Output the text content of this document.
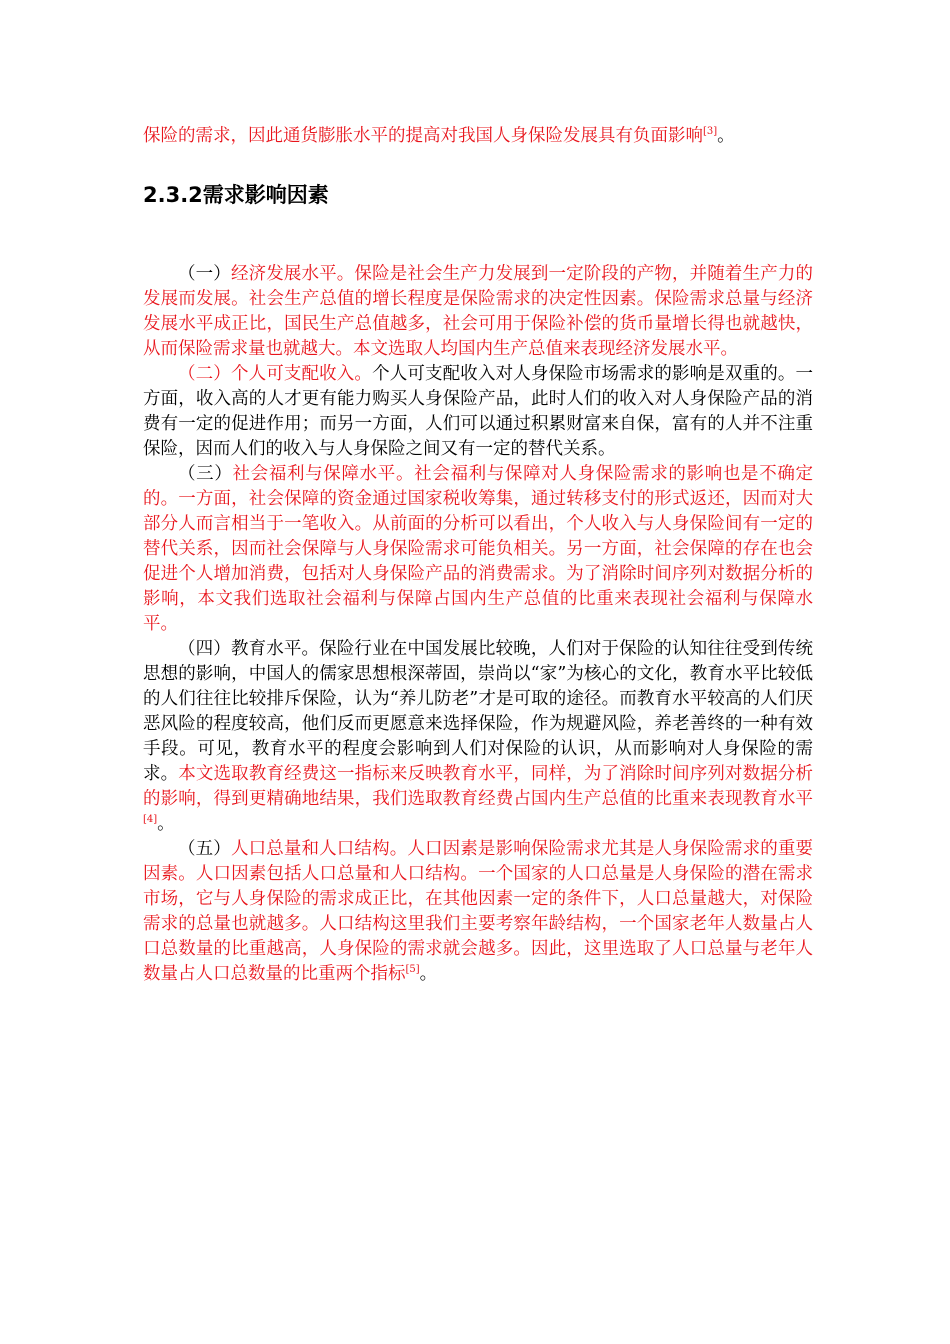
保险的需求，因此通货膨胀水平的提高对我国人身保险发展具有负面影响[3]。
2.3.2需求影响因素

（一）经济发展水平。保险是社会生产力发展到一定阶段的产物，并随着生产力的发展而发展。社会生产总值的增长程度是保险需求的决定性因素。保险需求总量与经济发展水平成正比，国民生产总值越多，社会可用于保险补偿的货币量增长得也就越快，从而保险需求量也就越大。本文选取人均国内生产总值来表现经济发展水平。

（二）个人可支配收入。个人可支配收入对人身保险市场需求的影响是双重的。一方面，收入高的人才更有能力购买人身保险产品，此时人们的收入对人身保险产品的消费有一定的促进作用；而另一方面，人们可以通过积累财富来自保，富有的人并不注重保险，因而人们的收入与人身保险之间又有一定的替代关系。

（三）社会福利与保障水平。社会福利与保障对人身保险需求的影响也是不确定的。一方面，社会保障的资金通过国家税收筹集，通过转移支付的形式返还，因而对大部分人而言相当于一笔收入。从前面的分析可以看出，个人收入与人身保险间有一定的替代关系，因而社会保障与人身保险需求可能负相关。另一方面，社会保障的存在也会促进个人增加消费，包括对人身保险产品的消费需求。为了消除时间序列对数据分析的影响，本文我们选取社会福利与保障占国内生产总值的比重来表现社会福利与保障水平。

（四）教育水平。保险行业在中国发展比较晚，人们对于保险的认知往往受到传统思想的影响，中国人的儒家思想根深蒂固，崇尚以“家”为核心的文化，教育水平比较低的人们往往比较排斥保险，认为“养儿防老”才是可取的途径。而教育水平较高的人们厌恶风险的程度较高，他们反而更愿意来选择保险，作为规避风险，养老善终的一种有效手段。可见，教育水平的程度会影响到人们对保险的认识，从而影响对人身保险的需求。本文选取教育经费这一指标来反映教育水平，同样，为了消除时间序列对数据分析的影响，得到更精确地结果，我们选取教育经费占国内生产总值的比重来表现教育水平[4]。

（五）人口总量和人口结构。人口因素是影响保险需求尤其是人身保险需求的重要因素。人口因素包括人口总量和人口结构。一个国家的人口总量是人身保险的潜在需求市场，它与人身保险的需求成正比，在其他因素一定的条件下，人口总量越大，对保险需求的总量也就越多。人口结构这里我们主要考察年龄结构，一个国家老年人数量占人口总数量的比重越高，人身保险的需求就会越多。因此，这里选取了人口总量与老年人数量占人口总数量的比重两个指标[5]。
